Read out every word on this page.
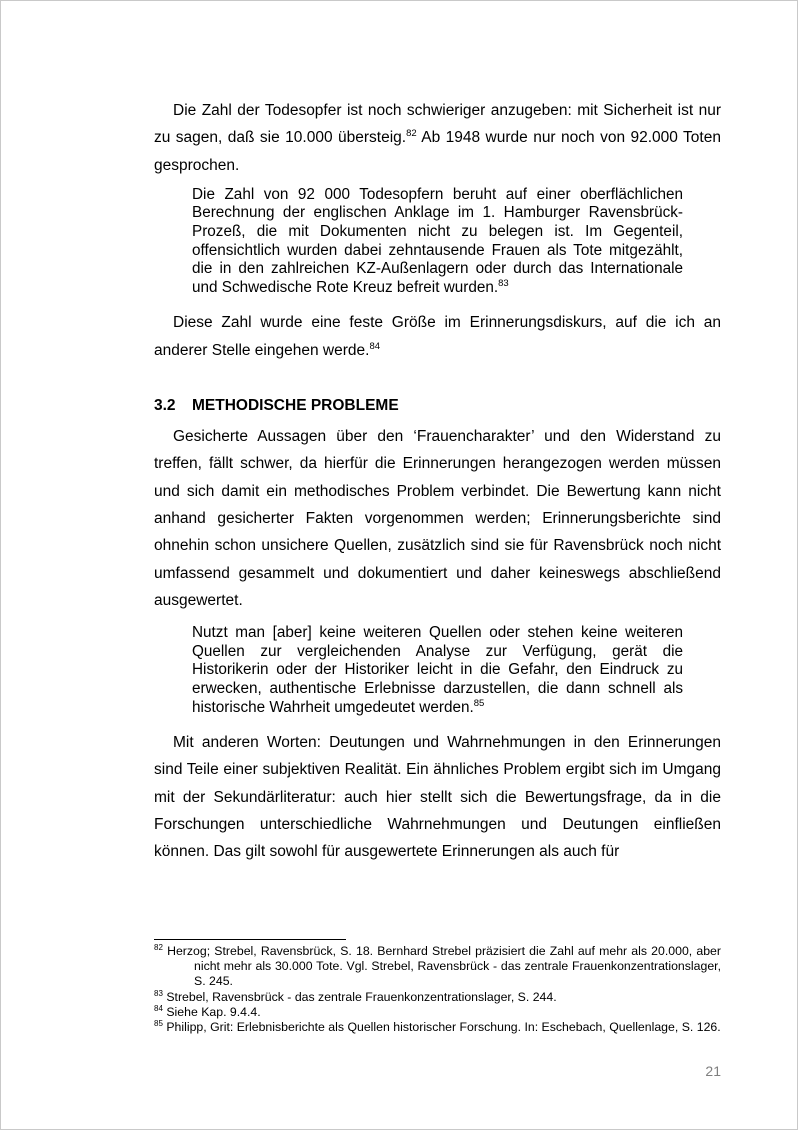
Die Zahl der Todesopfer ist noch schwieriger anzugeben: mit Sicherheit ist nur zu sagen, daß sie 10.000 übersteig.$^{82}$ Ab 1948 wurde nur noch von 92.000 Toten gesprochen.

Die Zahl von 92 000 Todesopfern beruht auf einer oberflächlichen Berechnung der englischen Anklage im 1. Hamburger Ravensbrück-Prozeß, die mit Dokumenten nicht zu belegen ist. Im Gegenteil, offensichtlich wurden dabei zehntausende Frauen als Tote mitgezählt, die in den zahlreichen KZ-Außenlagern oder durch das Internationale und Schwedische Rote Kreuz befreit wurden.$^{83}$

Diese Zahl wurde eine feste Größe im Erinnerungsdiskurs, auf die ich an anderer Stelle eingehen werde.$^{84}$

3.2 METHODISCHE PROBLEME

Gesicherte Aussagen über den ‘Frauencharakter’ und den Widerstand zu treffen, fällt schwer, da hierfür die Erinnerungen herangezogen werden müssen und sich damit ein methodisches Problem verbindet. Die Bewertung kann nicht anhand gesicherter Fakten vorgenommen werden; Erinnerungsberichte sind ohnehin schon unsichere Quellen, zusätzlich sind sie für Ravensbrück noch nicht umfassend gesammelt und dokumentiert und daher keineswegs abschließend ausgewertet.

Nutzt man [aber] keine weiteren Quellen oder stehen keine weiteren Quellen zur vergleichenden Analyse zur Verfügung, gerät die Historikerin oder der Historiker leicht in die Gefahr, den Eindruck zu erwecken, authentische Erlebnisse darzustellen, die dann schnell als historische Wahrheit umgedeutet werden.$^{85}$

Mit anderen Worten: Deutungen und Wahrnehmungen in den Erinnerungen sind Teile einer subjektiven Realität. Ein ähnliches Problem ergibt sich im Umgang mit der Sekundärliteratur: auch hier stellt sich die Bewertungsfrage, da in die Forschungen unterschiedliche Wahrnehmungen und Deutungen einfließen können. Das gilt sowohl für ausgewertete Erinnerungen als auch für

$^{82}$ Herzog; Strebel, Ravensbrück, S. 18. Bernhard Strebel präzisiert die Zahl auf mehr als 20.000, aber nicht mehr als 30.000 Tote. Vgl. Strebel, Ravensbrück - das zentrale Frauenkonzentrationslager, S. 245.

$^{83}$ Strebel, Ravensbrück - das zentrale Frauenkonzentrationslager, S. 244.

$^{84}$ Siehe Kap. 9.4.4.

$^{85}$ Philipp, Grit: Erlebnisberichte als Quellen historischer Forschung. In: Eschebach, Quellenlage, S. 126.

21
